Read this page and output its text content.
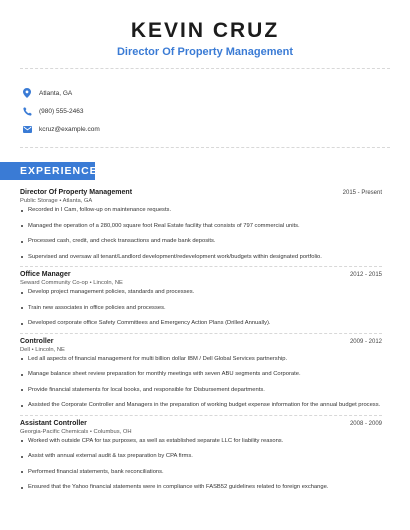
KEVIN CRUZ
Director Of Property Management
Atlanta, GA
(980) 555-2463
kcruz@example.com
EXPERIENCE
Director Of Property Management	2015 - Present
Public Storage • Atlanta, GA
Recorded in I Cam, follow-up on maintenance requests.
Managed the operation of a 280,000 square foot Real Estate facility that consists of 797 commercial units.
Processed cash, credit, and check transactions and made bank deposits.
Supervised and oversaw all tenant/Landlord development/redevelopment work/budgets within designated portfolio.
Office Manager	2012 - 2015
Seward Community Co-op • Lincoln, NE
Develop project management policies, standards and processes.
Train new associates in office policies and processes.
Developed corporate office Safety Committees and Emergency Action Plans (Drilled Annually).
Controller	2009 - 2012
Dell • Lincoln, NE
Led all aspects of financial management for multi billion dollar IBM / Dell Global Services partnership.
Manage balance sheet review preparation for monthly meetings with seven ABU segments and Corporate.
Provide financial statements for local books, and responsible for Disbursement departments.
Assisted the Corporate Controller and Managers in the preparation of working budget expense information for the annual budget process.
Assistant Controller	2008 - 2009
Georgia-Pacific Chemicals • Columbus, OH
Worked with outside CPA for tax purposes, as well as established separate LLC for liability reasons.
Assist with annual external audit & tax preparation by CPA firms.
Performed financial statements, bank reconciliations.
Ensured that the Yahoo financial statements were in compliance with FASB52 guidelines related to foreign exchange.
